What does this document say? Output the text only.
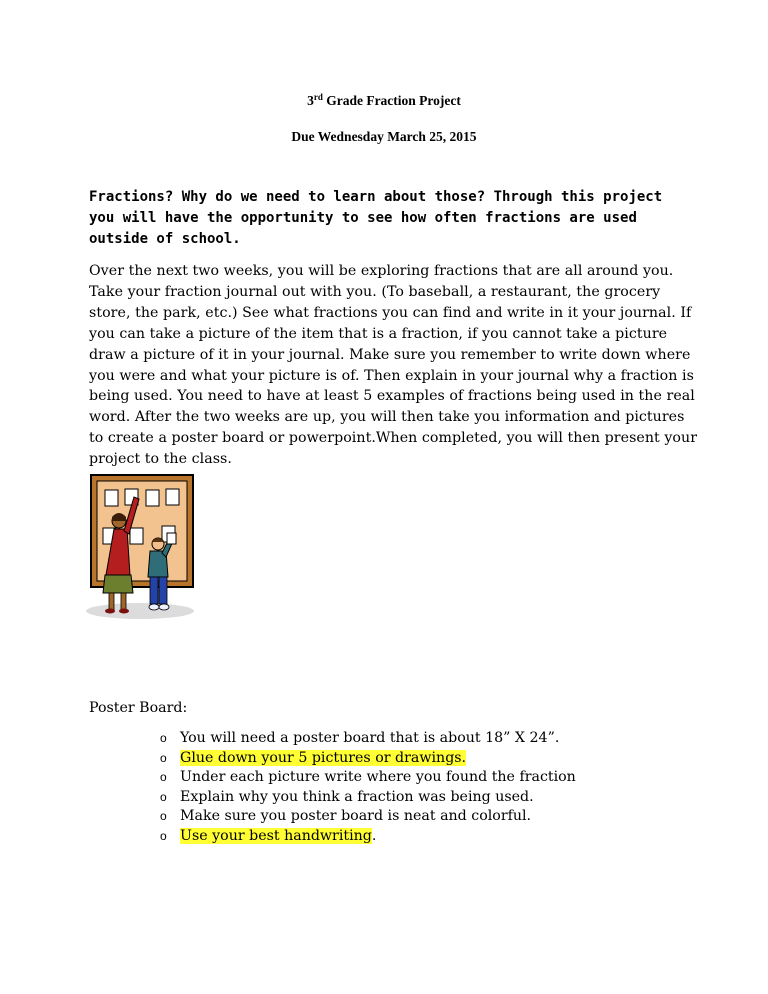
3rd Grade Fraction Project
Due Wednesday March 25, 2015

Fractions? Why do we need to learn about those? Through this project you will have the opportunity to see how often fractions are used outside of school.

Over the next two weeks, you will be exploring fractions that are all around you. Take your fraction journal out with you. (To baseball, a restaurant, the grocery store, the park, etc.) See what fractions you can find and write in it your journal. If you can take a picture of the item that is a fraction, if you cannot take a picture draw a picture of it in your journal. Make sure you remember to write down where you were and what your picture is of. Then explain in your journal why a fraction is being used. You need to have at least 5 examples of fractions being used in the real word. After the two weeks are up, you will then take you information and pictures to create a poster board or powerpoint.When completed, you will then present your project to the class.

Poster Board:
o You will need a poster board that is about 18” X 24”.
o Glue down your 5 pictures or drawings.
o Under each picture write where you found the fraction
o Explain why you think a fraction was being used.
o Make sure you poster board is neat and colorful.
o Use your best handwriting.
